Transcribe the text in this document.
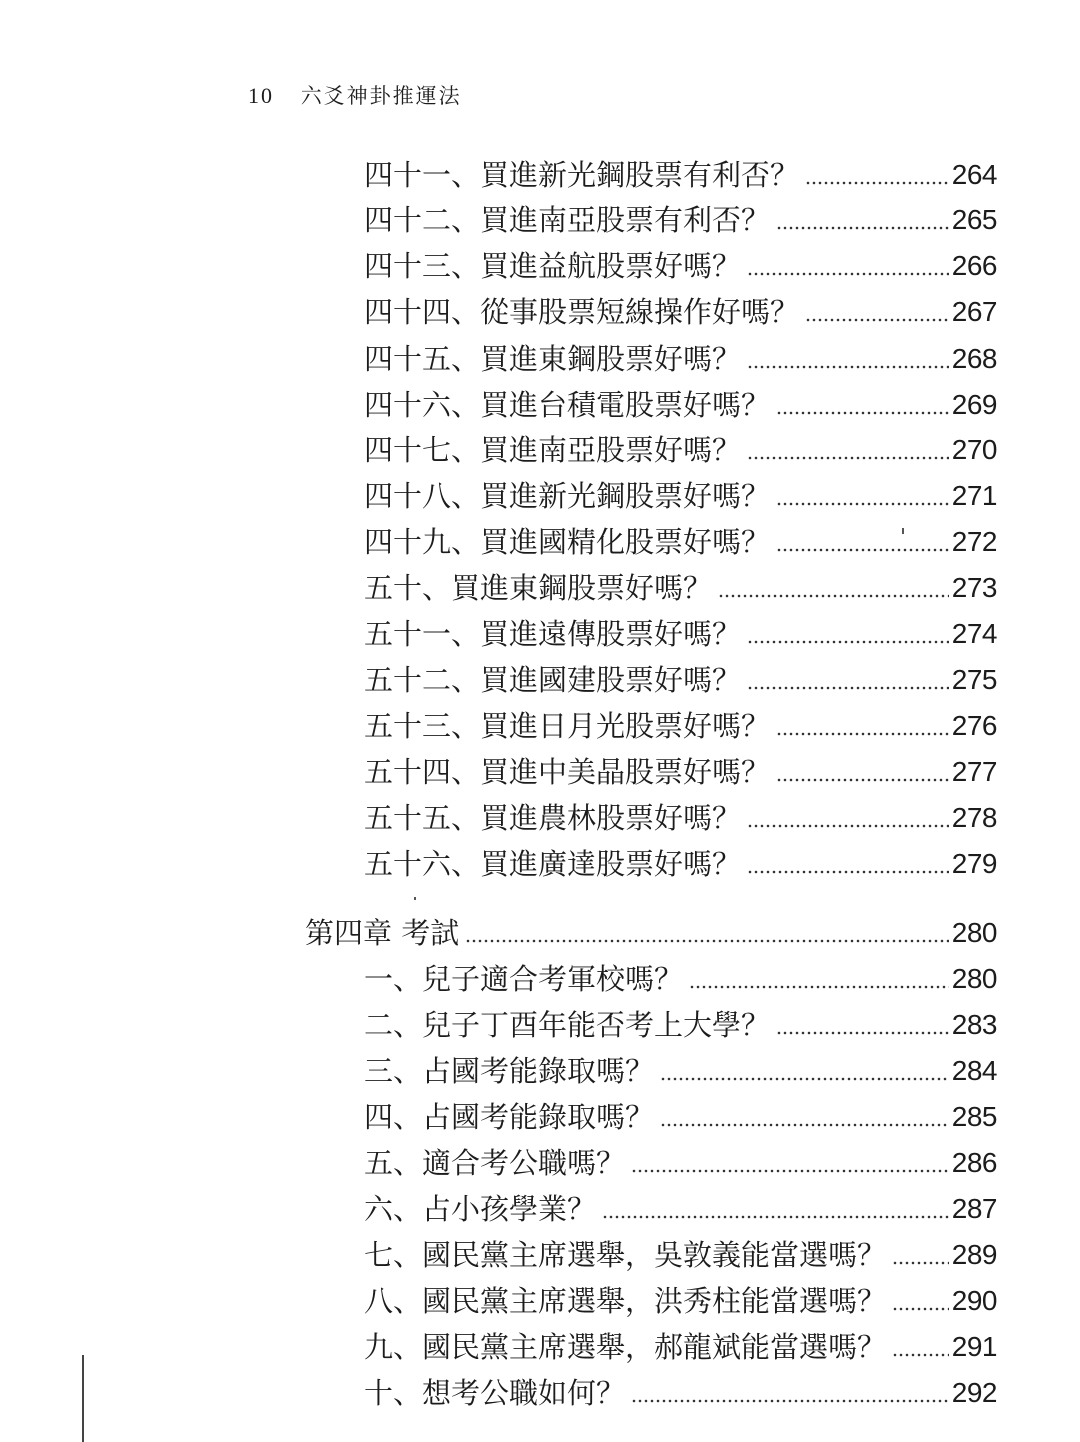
10 六爻神卦推運法
四十一、買進新光鋼股票有利否？	264
四十二、買進南亞股票有利否？	265
四十三、買進益航股票好嗎？	266
四十四、從事股票短線操作好嗎？	267
四十五、買進東鋼股票好嗎？	268
四十六、買進台積電股票好嗎？	269
四十七、買進南亞股票好嗎？	270
四十八、買進新光鋼股票好嗎？	271
四十九、買進國精化股票好嗎？	272
五十、買進東鋼股票好嗎？	273
五十一、買進遠傳股票好嗎？	274
五十二、買進國建股票好嗎？	275
五十三、買進日月光股票好嗎？	276
五十四、買進中美晶股票好嗎？	277
五十五、買進農林股票好嗎？	278
五十六、買進廣達股票好嗎？	279
第四章 考試	280
一、兒子適合考軍校嗎？	280
二、兒子丁酉年能否考上大學？	283
三、占國考能錄取嗎？	284
四、占國考能錄取嗎？	285
五、適合考公職嗎？	286
六、占小孩學業？	287
七、國民黨主席選舉，吳敦義能當選嗎？ 289
八、國民黨主席選舉，洪秀柱能當選嗎？ 290
九、國民黨主席選舉，郝龍斌能當選嗎？ 291
十、想考公職如何？	292
